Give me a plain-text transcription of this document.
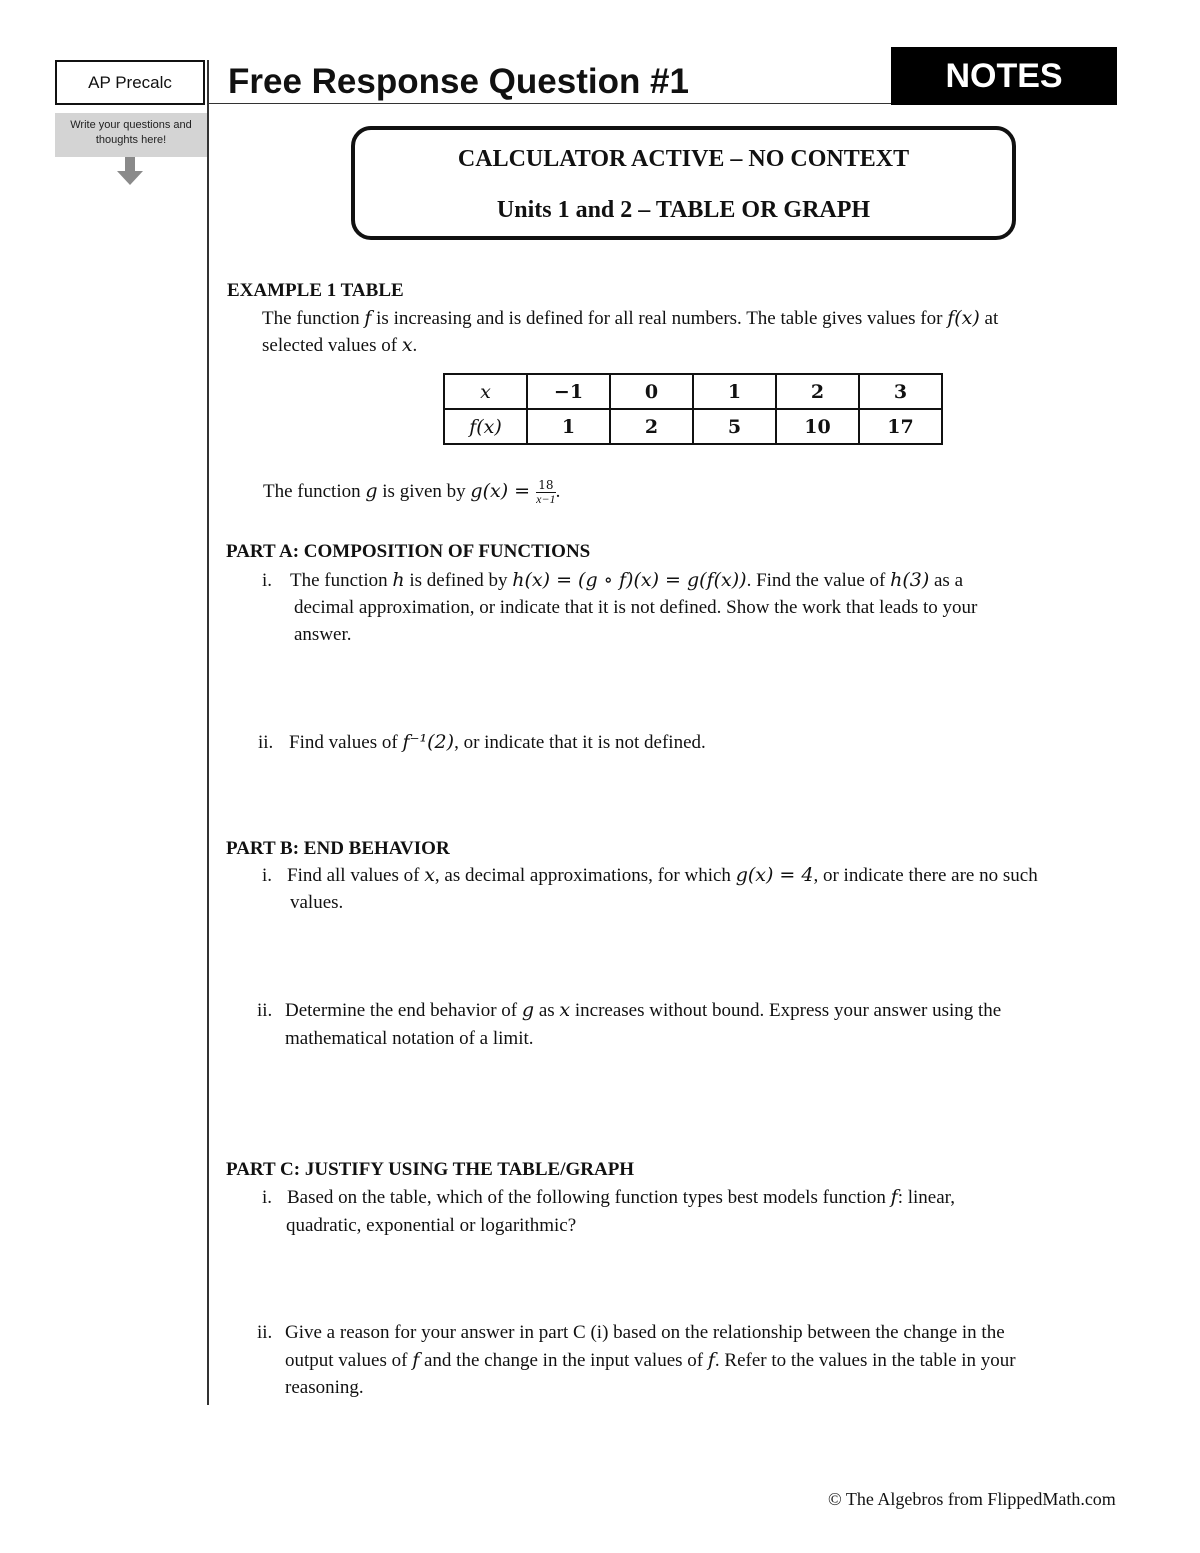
AP Precalc
Write your questions and thoughts here!
Free Response Question #1	NOTES
CALCULATOR ACTIVE – NO CONTEXT
Units 1 and 2 – TABLE OR GRAPH
EXAMPLE 1 TABLE
The function f is increasing and is defined for all real numbers. The table gives values for f(x) at
selected values of x.
x	−1	0	1	2	3
f(x)	1	2	5	10	17
The function g is given by $g(x) = \frac{18}{x-1}$ .
PART A: COMPOSITION OF FUNCTIONS
i. The function h is defined by h(x) = (g ∘ f)(x) = g(f(x)). Find the value of h(3) as a
decimal approximation, or indicate that it is not defined. Show the work that leads to your
answer.
ii. Find values of f⁻¹(2), or indicate that it is not defined.
PART B: END BEHAVIOR
i. Find all values of x, as decimal approximations, for which g(x) = 4, or indicate there are no such
values.
ii. Determine the end behavior of g as x increases without bound. Express your answer using the
mathematical notation of a limit.
PART C: JUSTIFY USING THE TABLE/GRAPH
i. Based on the table, which of the following function types best models function f: linear,
quadratic, exponential or logarithmic?
ii. Give a reason for your answer in part C (i) based on the relationship between the change in the
output values of f and the change in the input values of f. Refer to the values in the table in your
reasoning.
© The Algebros from FlippedMath.com
